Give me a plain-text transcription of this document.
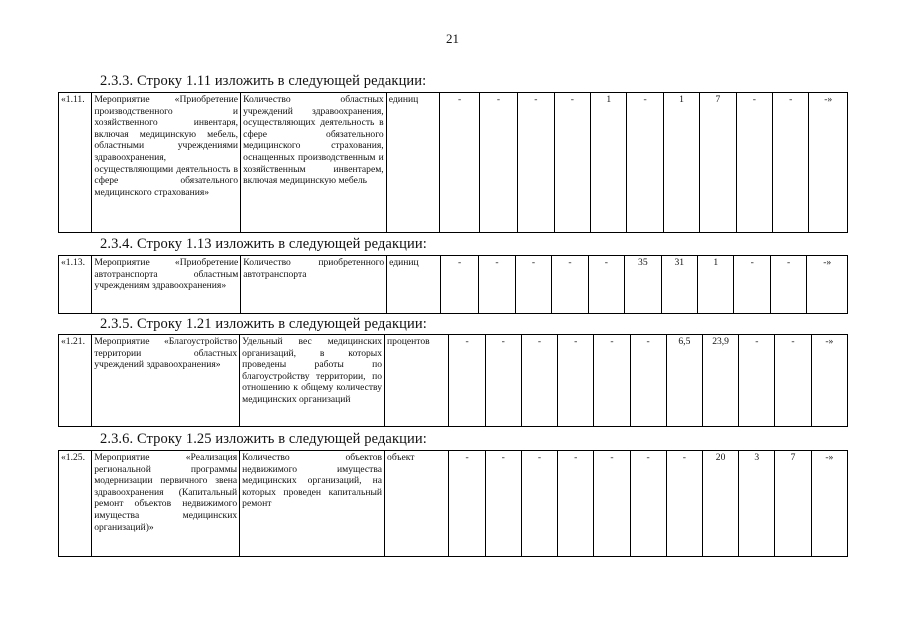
21
2.3.3. Строку 1.11 изложить в следующей редакции:
«1.11.	Мероприятие «Приобретение производственного и хозяйственного инвентаря, включая медицинскую мебель, областными учреждениями здравоохранения, осуществляющими деятельность в сфере обязательного медицинского страхования»	Количество областных учреждений здравоохранения, осуществляющих деятельность в сфере обязательного медицинского страхования, оснащенных производственным и хозяйственным инвентарем, включая медицинскую мебель	единиц	-	-	-	-	1	-	1	7	-	-	-»
2.3.4. Строку 1.13 изложить в следующей редакции:
«1.13.	Мероприятие «Приобретение автотранспорта областным учреждениям здравоохранения»	Количество приобретенного автотранспорта	единиц	-	-	-	-	-	35	31	1	-	-	-»
2.3.5. Строку 1.21 изложить в следующей редакции:
«1.21.	Мероприятие «Благоустройство территории областных учреждений здравоохранения»	Удельный вес медицинских организаций, в которых проведены работы по благоустройству территории, по отношению к общему количеству медицинских организаций	процентов	-	-	-	-	-	-	6,5	23,9	-	-	-»
2.3.6. Строку 1.25 изложить в следующей редакции:
«1.25.	Мероприятие «Реализация региональной программы модернизации первичного звена здравоохранения (Капитальный ремонт объектов недвижимого имущества медицинских организаций)»	Количество объектов недвижимого имущества медицинских организаций, на которых проведен капитальный ремонт	объект	-	-	-	-	-	-	-	20	3	7	-»
